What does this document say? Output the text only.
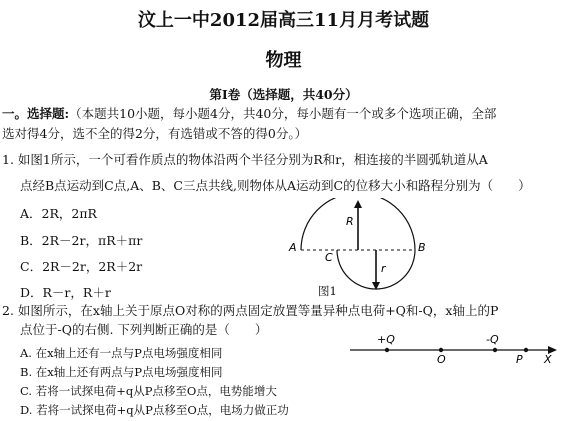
汶上一中2012届高三11月月考试题
物理
第Ⅰ卷（选择题，共40分）
一。选择题:（本题共10小题，每小题4分，共40分，每小题有一个或多个选项正确，全部
选对得4分，选不全的得2分，有选错或不答的得0分。）
1. 如图1所示，一个可看作质点的物体沿两个半径分别为R和r，相连接的半圆弧轨道从A
点经B点运动到C点,A、B、C三点共线,则物体从A运动到C的位移大小和路程分别为（　　）
A．2R，2πR
B．2R－2r，πR＋πr
C．2R－2r，2R＋2r
D．R－r，R＋r
A	B
C
R
r
图1
2. 如图所示，在x轴上关于原点O对称的两点固定放置等量异种点电荷+Q和-Q，x轴上的P
点位于-Q的右侧. 下列判断正确的是（　　）
A. 在x轴上还有一点与P点电场强度相同
B. 在x轴上还有两点与P点电场强度相同
C. 若将一试探电荷+q从P点移至O点，电势能增大
D. 若将一试探电荷+q从P点移至O点，电场力做正功
+Q
O
-Q
P X
